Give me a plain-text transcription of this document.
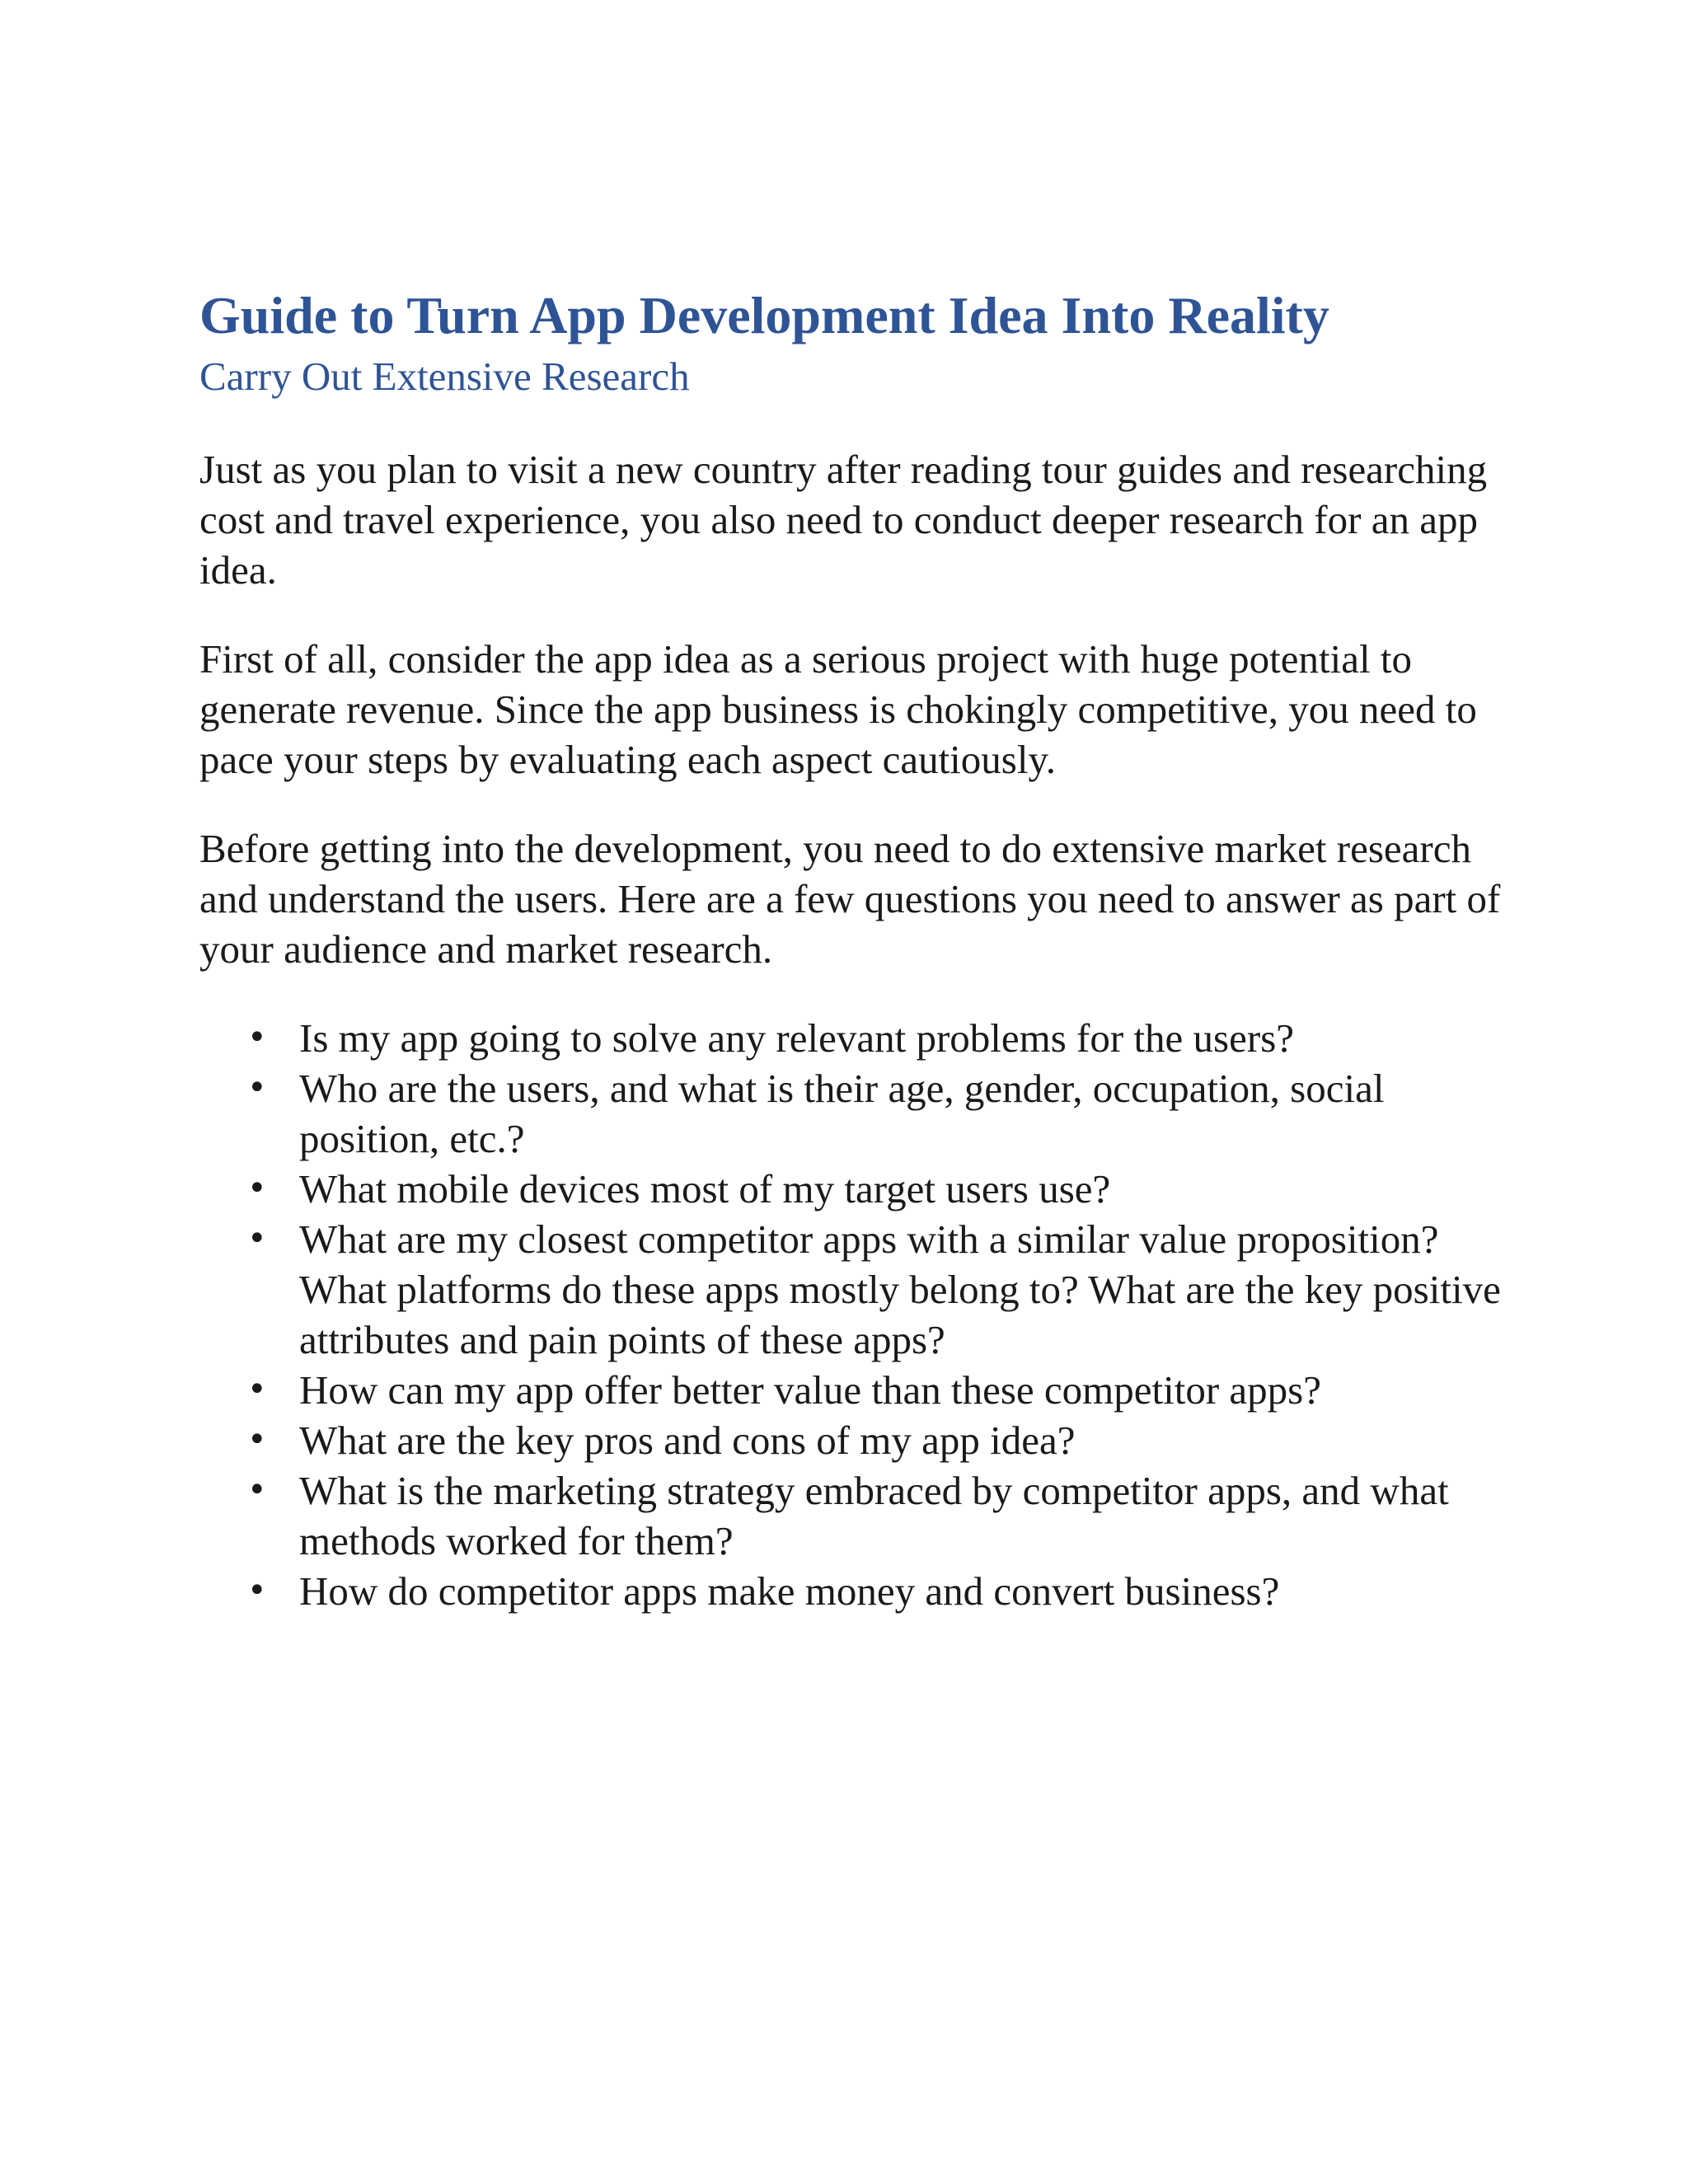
Guide to Turn App Development Idea Into Reality
Carry Out Extensive Research

Just as you plan to visit a new country after reading tour guides and researching cost and travel experience, you also need to conduct deeper research for an app idea.

First of all, consider the app idea as a serious project with huge potential to generate revenue. Since the app business is chokingly competitive, you need to pace your steps by evaluating each aspect cautiously.

Before getting into the development, you need to do extensive market research and understand the users. Here are a few questions you need to answer as part of your audience and market research.

• Is my app going to solve any relevant problems for the users?
• Who are the users, and what is their age, gender, occupation, social position, etc.?
• What mobile devices most of my target users use?
• What are my closest competitor apps with a similar value proposition? What platforms do these apps mostly belong to? What are the key positive attributes and pain points of these apps?
• How can my app offer better value than these competitor apps?
• What are the key pros and cons of my app idea?
• What is the marketing strategy embraced by competitor apps, and what methods worked for them?
• How do competitor apps make money and convert business?
